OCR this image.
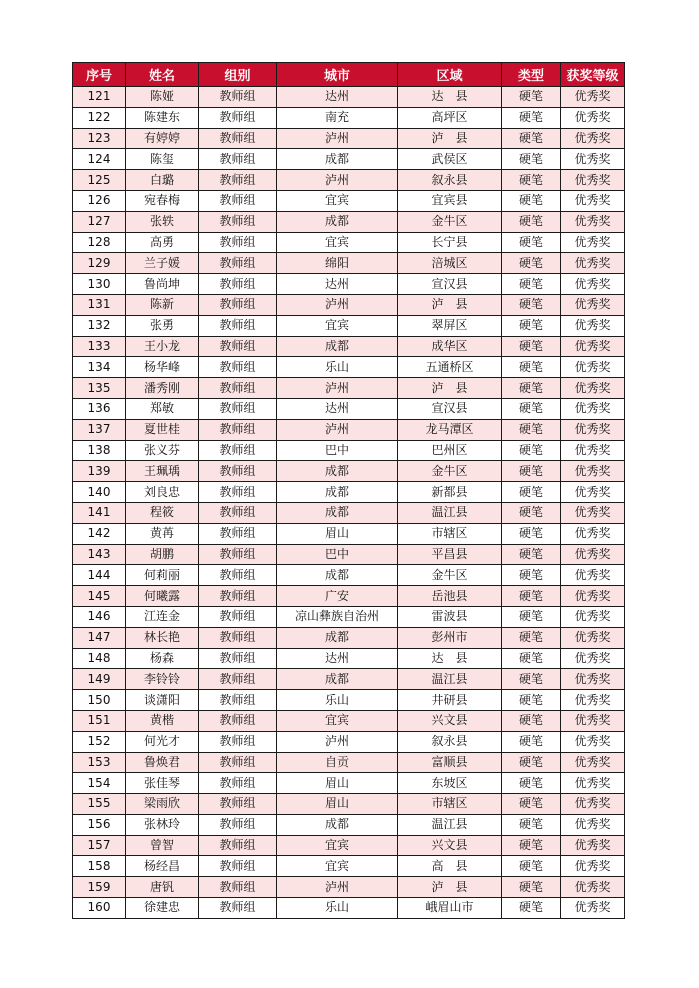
序号	姓名	组别	城市	区域	类型	获奖等级
121	陈娅	教师组	达州	达　县	硬笔	优秀奖
122	陈建东	教师组	南充	高坪区	硬笔	优秀奖
123	有婷婷	教师组	泸州	泸　县	硬笔	优秀奖
124	陈玺	教师组	成都	武侯区	硬笔	优秀奖
125	白璐	教师组	泸州	叙永县	硬笔	优秀奖
126	宛春梅	教师组	宜宾	宜宾县	硬笔	优秀奖
127	张轶	教师组	成都	金牛区	硬笔	优秀奖
128	高勇	教师组	宜宾	长宁县	硬笔	优秀奖
129	兰子媛	教师组	绵阳	涪城区	硬笔	优秀奖
130	鲁尚坤	教师组	达州	宣汉县	硬笔	优秀奖
131	陈新	教师组	泸州	泸　县	硬笔	优秀奖
132	张勇	教师组	宜宾	翠屏区	硬笔	优秀奖
133	王小龙	教师组	成都	成华区	硬笔	优秀奖
134	杨华峰	教师组	乐山	五通桥区	硬笔	优秀奖
135	潘秀刚	教师组	泸州	泸　县	硬笔	优秀奖
136	郑敏	教师组	达州	宣汉县	硬笔	优秀奖
137	夏世桂	教师组	泸州	龙马潭区	硬笔	优秀奖
138	张义芬	教师组	巴中	巴州区	硬笔	优秀奖
139	王珮瑀	教师组	成都	金牛区	硬笔	优秀奖
140	刘良忠	教师组	成都	新都县	硬笔	优秀奖
141	程筱	教师组	成都	温江县	硬笔	优秀奖
142	黄苒	教师组	眉山	市辖区	硬笔	优秀奖
143	胡鹏	教师组	巴中	平昌县	硬笔	优秀奖
144	何莉丽	教师组	成都	金牛区	硬笔	优秀奖
145	何曦露	教师组	广安	岳池县	硬笔	优秀奖
146	江连金	教师组	凉山彝族自治州	雷波县	硬笔	优秀奖
147	林长艳	教师组	成都	彭州市	硬笔	优秀奖
148	杨森	教师组	达州	达　县	硬笔	优秀奖
149	李铃铃	教师组	成都	温江县	硬笔	优秀奖
150	谈潇阳	教师组	乐山	井研县	硬笔	优秀奖
151	黄楷	教师组	宜宾	兴文县	硬笔	优秀奖
152	何光才	教师组	泸州	叙永县	硬笔	优秀奖
153	鲁焕君	教师组	自贡	富顺县	硬笔	优秀奖
154	张佳琴	教师组	眉山	东坡区	硬笔	优秀奖
155	梁雨欣	教师组	眉山	市辖区	硬笔	优秀奖
156	张林玲	教师组	成都	温江县	硬笔	优秀奖
157	曾智	教师组	宜宾	兴文县	硬笔	优秀奖
158	杨经昌	教师组	宜宾	高　县	硬笔	优秀奖
159	唐钒	教师组	泸州	泸　县	硬笔	优秀奖
160	徐建忠	教师组	乐山	峨眉山市	硬笔	优秀奖
